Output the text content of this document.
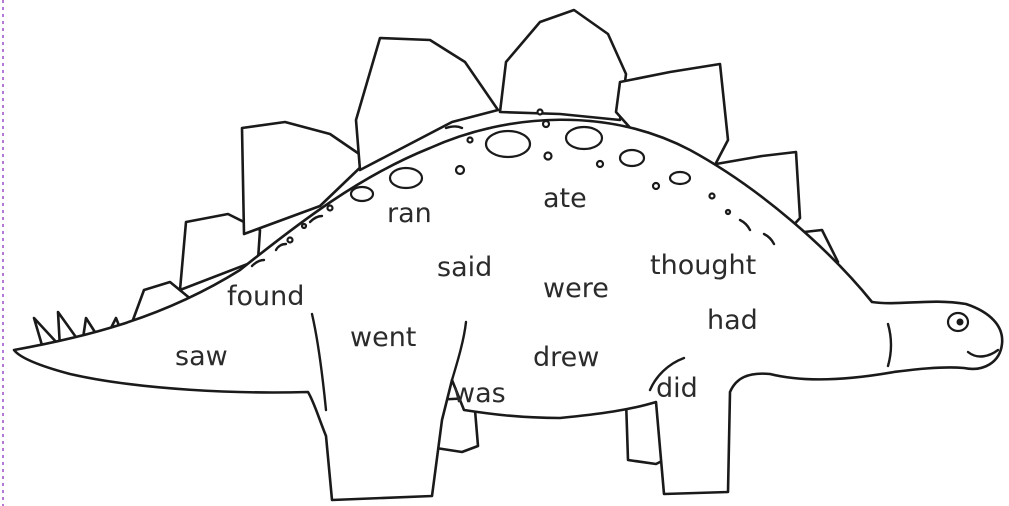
ran	ate
said
were
thought
found
had
saw
went
drew
was	did
